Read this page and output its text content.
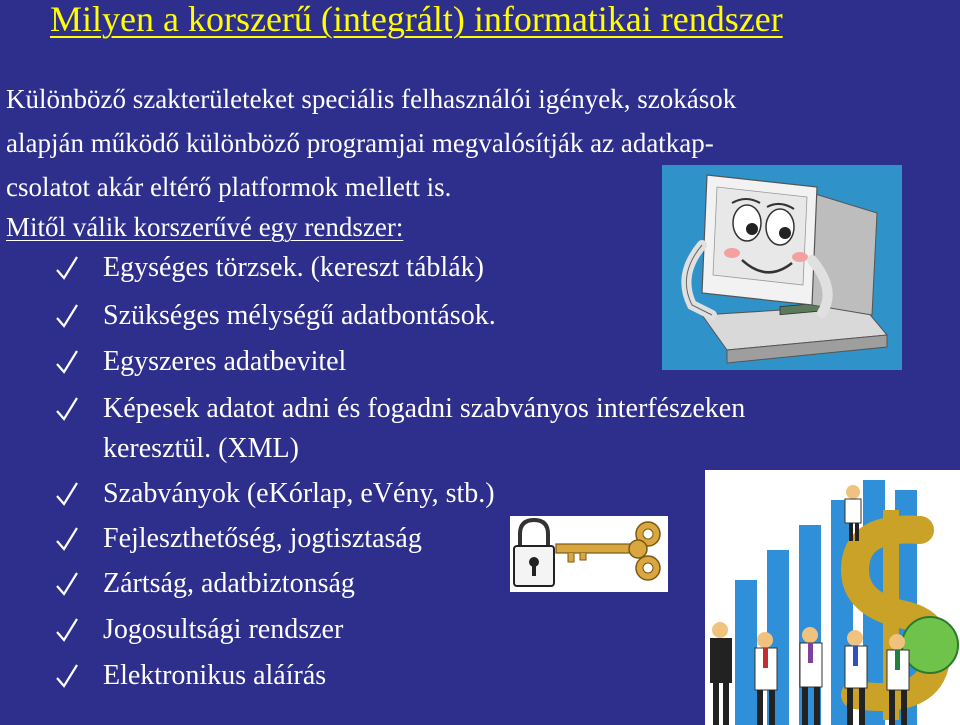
Milyen a korszerű (integrált) informatikai rendszer
Különböző szakterületeket speciális felhasználói igények, szokások
alapján működő különböző programjai megvalósítják az adatkap-
csolatot akár eltérő platformok mellett is.
Mitől válik korszerűvé egy rendszer:
Egységes törzsek. (kereszt táblák)
Szükséges mélységű adatbontások.
Egyszeres adatbevitel
Képesek adatot adni és fogadni szabványos interfészeken
keresztül. (XML)
Szabványok (eKórlap, eVény, stb.)
Fejleszthetőség, jogtisztaság
Zártság, adatbiztonság
Jogosultsági rendszer
Elektronikus aláírás
